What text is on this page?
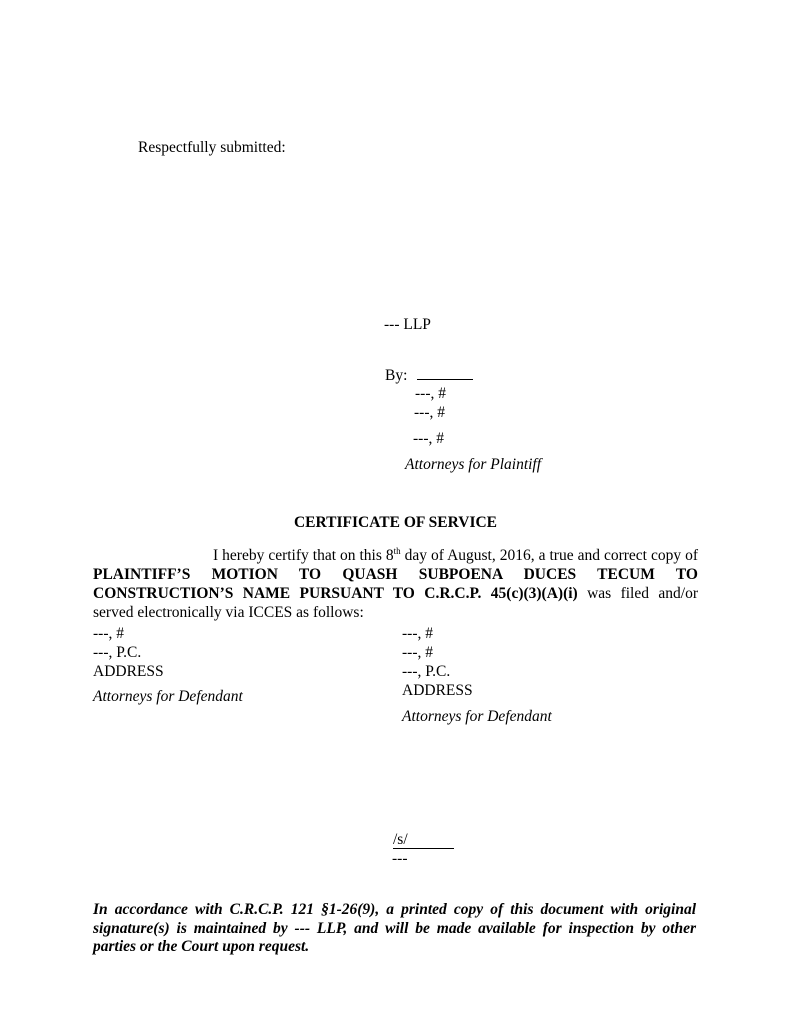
Respectfully submitted:
--- LLP
By:
---, #
---, #
---, #
Attorneys for Plaintiff
CERTIFICATE OF SERVICE
I hereby certify that on this 8th day of August, 2016, a true and correct copy of PLAINTIFF’S MOTION TO QUASH SUBPOENA DUCES TECUM TO CONSTRUCTION’S NAME PURSUANT TO C.R.C.P. 45(c)(3)(A)(i) was filed and/or served electronically via ICCES as follows:
---, #
---, P.C.
ADDRESS
Attorneys for Defendant
---, #
---, #
---, P.C.
ADDRESS
Attorneys for Defendant
/s/
---
In accordance with C.R.C.P. 121 §1-26(9), a printed copy of this document with original signature(s) is maintained by --- LLP, and will be made available for inspection by other parties or the Court upon request.
